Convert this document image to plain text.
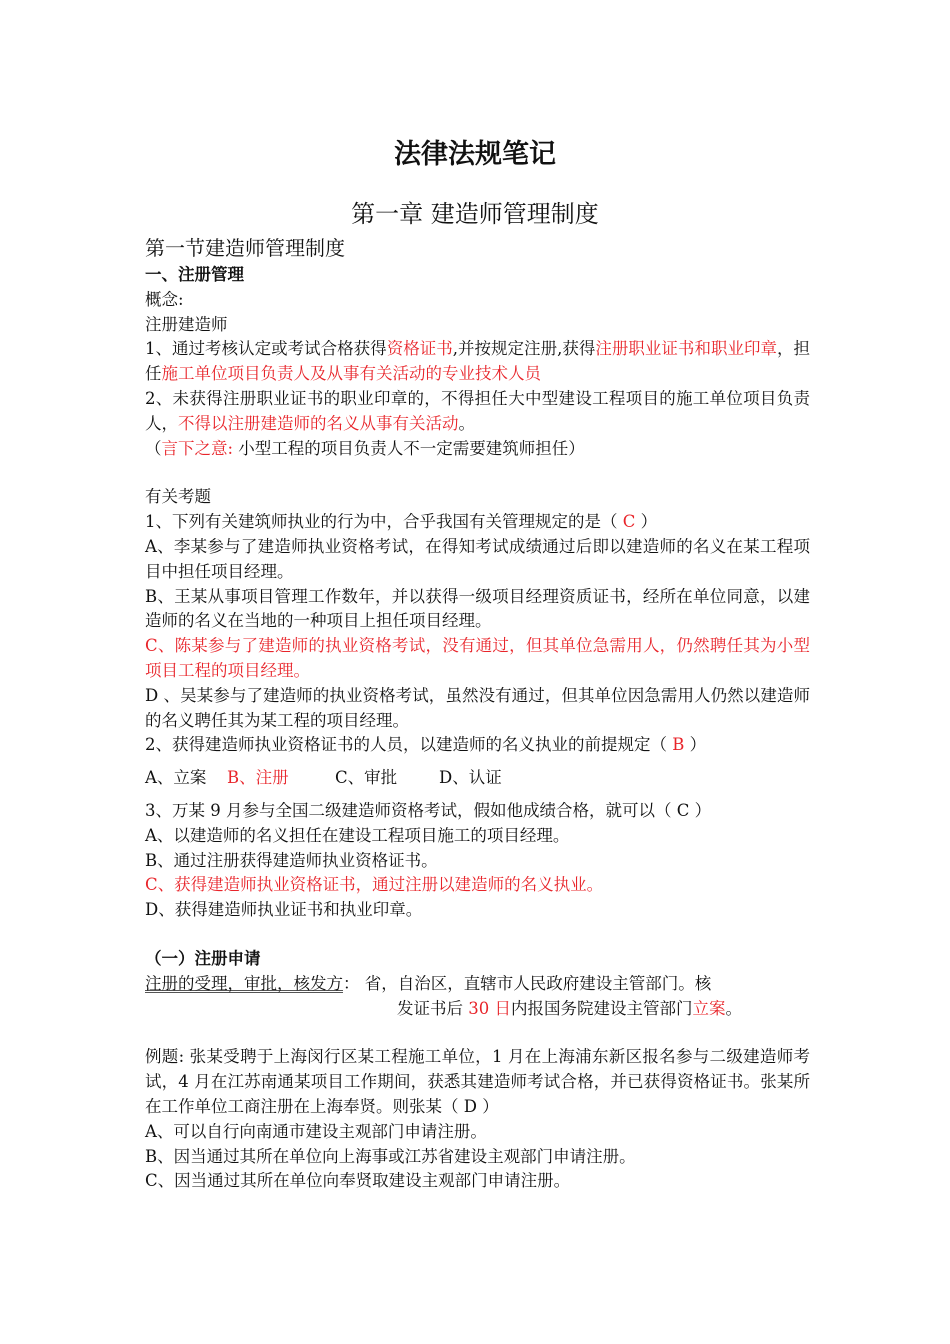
法律法规笔记
第一章 建造师管理制度
第一节建造师管理制度
一、注册管理
概念:
注册建造师

1、通过考核认定或考试合格获得资格证书,并按规定注册,获得注册职业证书和职业印章，担任施工单位项目负责人及从事有关活动的专业技术人员

2、未获得注册职业证书的职业印章的，不得担任大中型建设工程项目的施工单位项目负责人，不得以注册建造师的名义从事有关活动。

（言下之意: 小型工程的项目负责人不一定需要建筑师担任）

有关考题

1、下列有关建筑师执业的行为中，合乎我国有关管理规定的是（ C ）

A、李某参与了建造师执业资格考试，在得知考试成绩通过后即以建造师的名义在某工程项目中担任项目经理。

B、王某从事项目管理工作数年，并以获得一级项目经理资质证书，经所在单位同意，以建造师的名义在当地的一种项目上担任项目经理。

C、陈某参与了建造师的执业资格考试，没有通过，但其单位急需用人，仍然聘任其为小型项目工程的项目经理。

D 、吴某参与了建造师的执业资格考试，虽然没有通过，但其单位因急需用人仍然以建造师的名义聘任其为某工程的项目经理。

2、获得建造师执业资格证书的人员，以建造师的名义执业的前提规定（ B ）

A、立案 B、注册	C、审批	D、认证

3、万某 9 月参与全国二级建造师资格考试，假如他成绩合格，就可以（ C ）

A、以建造师的名义担任在建设工程项目施工的项目经理。

B、通过注册获得建造师执业资格证书。

C、获得建造师执业资格证书，通过注册以建造师的名义执业。

D、获得建造师执业证书和执业印章。

（一）注册申请

注册的受理，审批，核发方： 省，自治区，直辖市人民政府建设主管部门。核

发证书后 30 日内报国务院建设主管部门立案。

例题: 张某受聘于上海闵行区某工程施工单位，1 月在上海浦东新区报名参与二级建造师考试，4 月在江苏南通某项目工作期间，获悉其建造师考试合格，并已获得资格证书。张某所在工作单位工商注册在上海奉贤。则张某（ D ）

A、可以自行向南通市建设主观部门申请注册。

B、因当通过其所在单位向上海事或江苏省建设主观部门申请注册。

C、因当通过其所在单位向奉贤取建设主观部门申请注册。
